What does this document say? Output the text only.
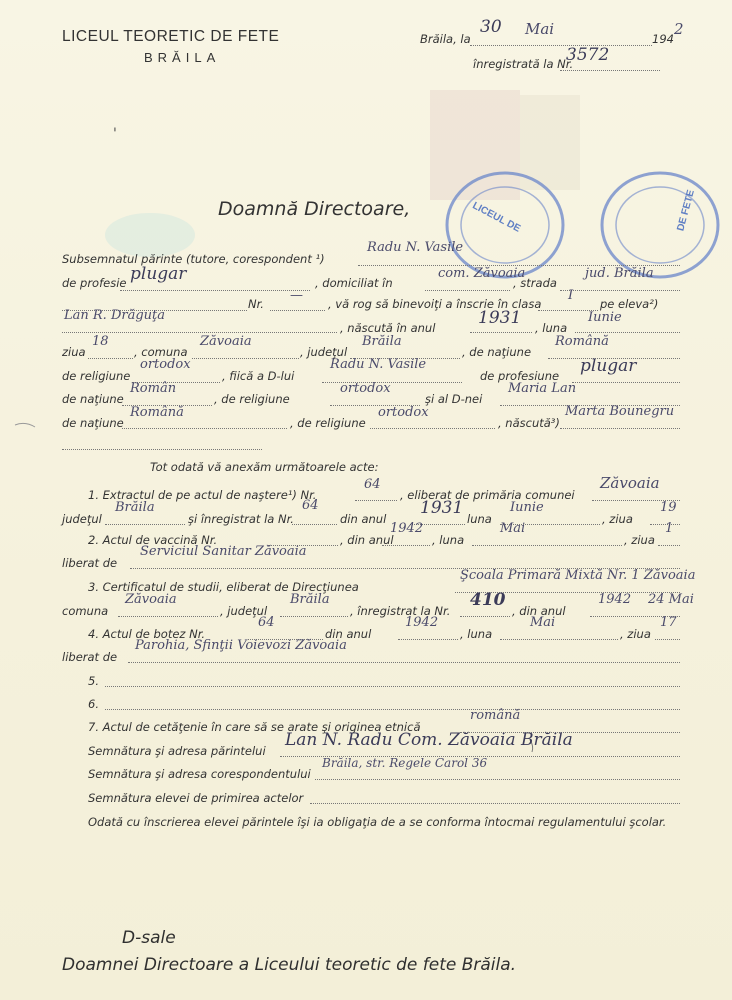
LICEUL DE	DE FETE
'
LICEUL TEORETIC DE FETE
BRĂILA
Brăila, la
30 Mai
194
2
înregistrată la Nr.
3572
Doamnă Directoare,
Subsemnatul părinte (tutore, corespondent ¹)
Radu N. Vasile
de profesie plugar	, domiciliat în
com. Zăvoaia
, strada
jud. Brăila
Nr.
—
, vă rog să binevoiţi a înscrie în clasa
I
pe eleva²)
Lan R. Drăguţa
, născută în anul	1931 , luna
Iunie
ziua
18
, comuna
Zăvoaia
, judeţul
Brăila
, de naţiune
Română
de religiune
ortodox
, fiică a D-lui
Radu N. Vasile
de profesiune plugar
de naţiune
Român
, de religiune
ortodox
şi al D-nei
Maria Lan
de naţiune
Română
, de religiune
ortodox
, născută³)
Marta Bounegru
Tot odată vă anexăm următoarele acte:
1. Extractul de pe actul de naştere¹) Nr.
64
, eliberat de primăria comunei
Zăvoaia
judeţul
Brăila
şi înregistrat la Nr.
64
din anul
1931
luna
Iunie
, ziua
19
2. Actul de vaccină Nr.	, din anul
1942
, luna
Mai
, ziua
1
liberat de
Serviciul Sanitar Zăvoaia
3. Certificatul de studii, eliberat de Direcţiunea
Şcoala Primară Mixtă Nr. 1 Zăvoaia
comuna
Zăvoaia
, judeţul
Brăila
, înregistrat la Nr.
410
, din anul
1942 24 Mai
4. Actul de botez Nr.
64
din anul
1942
, luna
Mai
, ziua
17
liberat de
Parohia, Sfinţii Voievozi Zăvoaia
5.
6.
7. Actul de cetăţenie în care să se arate şi originea etnică
română
Semnătura şi adresa părintelui
Lan N. Radu Com. Zăvoaia Brăila
Semnătura şi adresa corespondentului
Brăila, str. Regele Carol 36
Semnătura elevei de primirea actelor
Odată cu înscrierea elevei părintele îşi ia obligaţia de a se conforma întocmai regulamentului şcolar.
D-sale
Doamnei Directoare a Liceului teoretic de fete Brăila.
